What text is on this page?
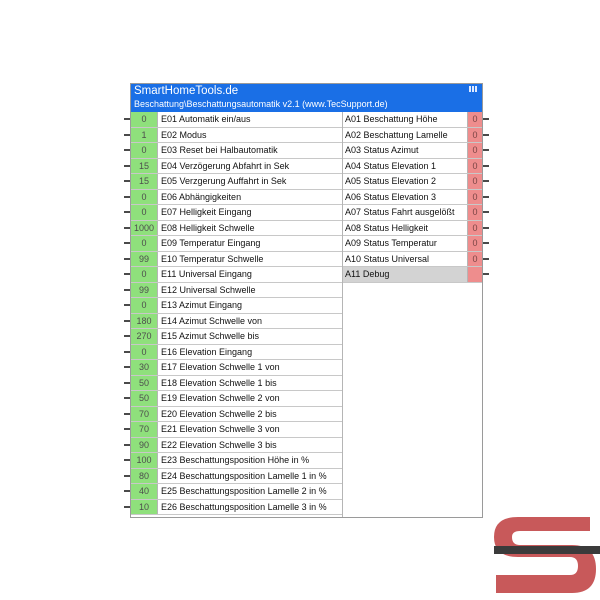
SmartHomeTools.de
Beschattung\Beschattungsautomatik v2.1 (www.TecSupport.de)
0	E01 Automatik ein/aus
1	E02 Modus
0	E03 Reset bei Halbautomatik
15	E04 Verzögerung Abfahrt in Sek
15	E05 Verzgerung Auffahrt in Sek
0	E06 Abhängigkeiten
0	E07 Helligkeit Eingang
1000 E08 Helligkeit Schwelle
0	E09 Temperatur Eingang
99	E10 Temperatur Schwelle
0	E11 Universal Eingang
99	E12 Universal Schwelle
0	E13 Azimut Eingang
180	E14 Azimut Schwelle von
270	E15 Azimut Schwelle bis
0	E16 Elevation Eingang
30	E17 Elevation Schwelle 1 von
50	E18 Elevation Schwelle 1 bis
50	E19 Elevation Schwelle 2 von
70	E20 Elevation Schwelle 2 bis
70	E21 Elevation Schwelle 3 von
90	E22 Elevation Schwelle 3 bis
100	E23 Beschattungsposition Höhe in %
80	E24 Beschattungsposition Lamelle 1 in %
40	E25 Beschattungsposition Lamelle 2 in %
10	E26 Beschattungsposition Lamelle 3 in %
A01 Beschattung Höhe	0
A02 Beschattung Lamelle	0
A03 Status Azimut	0
A04 Status Elevation 1	0
A05 Status Elevation 2	0
A06 Status Elevation 3	0
A07 Status Fahrt ausgelößt	0
A08 Status Helligkeit	0
A09 Status Temperatur	0
A10 Status Universal	0
A11 Debug
